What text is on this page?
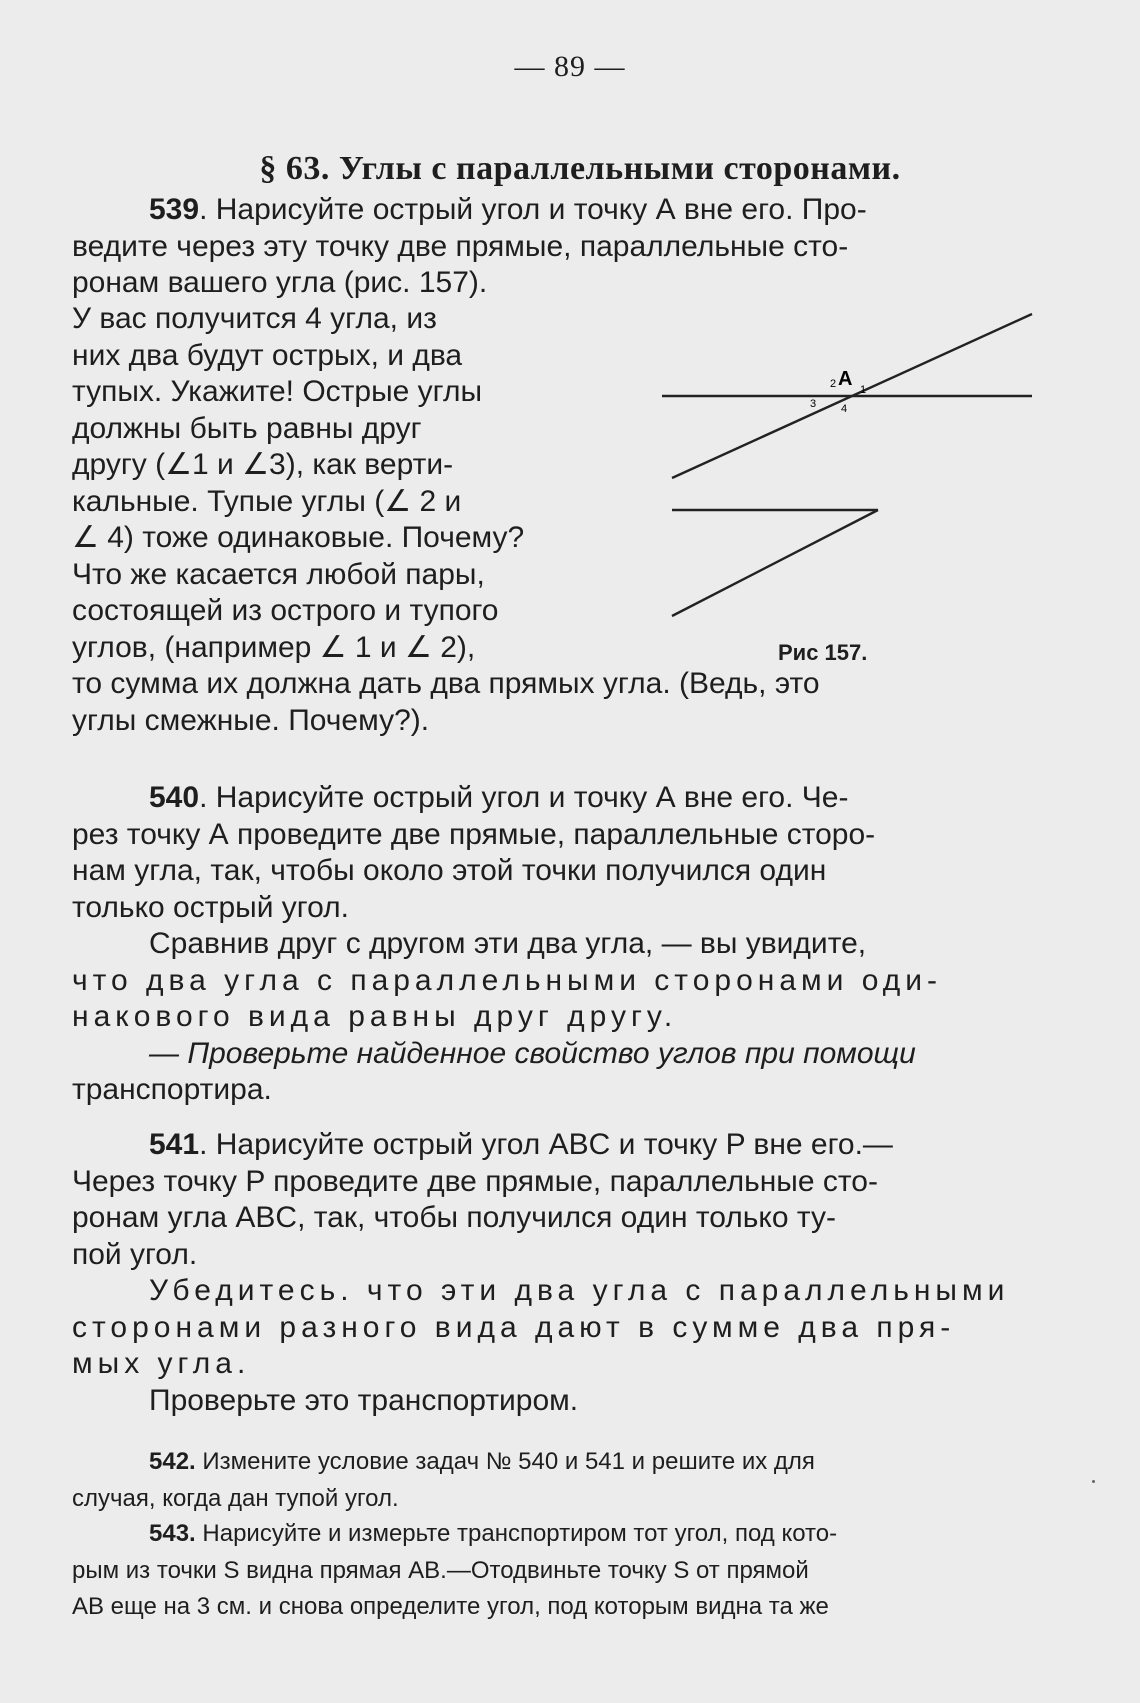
— 89 —
§ 63. Углы с параллельными сторонами.
539. Нарисуйте острый угол и точку А вне его. Про-
ведите через эту точку две прямые, параллельные сто-
ронам вашего угла (рис. 157).
У вас получится 4 угла, из
них два будут острых, и два
тупых. Укажите! Острые углы
должны быть равны друг
другу (∠1 и ∠3), как верти-
кальные. Тупые углы (∠ 2 и
∠ 4) тоже одинаковые. Почему?
Что же касается любой пары,
состоящей из острого и тупого
углов, (например ∠ 1 и ∠ 2),
A 1
2
3 4
Рис 157.
то сумма их должна дать два прямых угла. (Ведь, это
углы смежные. Почему?).
540. Нарисуйте острый угол и точку А вне его. Че-
рез точку А проведите две прямые, параллельные сторо-
нам угла, так, чтобы около этой точки получился один
только острый угол.
Сравнив друг с другом эти два угла, — вы увидите,
что два угла с параллельными сторонами оди-
накового вида равны друг другу.
— Проверьте найденное свойство углов при помощи
транспортира.
541. Нарисуйте острый угол ABC и точку P вне его.—
Через точку P проведите две прямые, параллельные сто-
ронам угла ABC, так, чтобы получился один только ту-
пой угол.
Убедитесь. что эти два угла с параллельными
сторонами разного вида дают в сумме два пря-
мых угла.
Проверьте это транспортиром.
542. Измените условие задач № 540 и 541 и решите их для
случая, когда дан тупой угол.
543. Нарисуйте и измерьте транспортиром тот угол, под кото-
рым из точки S видна прямая AB.—Отодвиньте точку S от прямой
AB еще на 3 см. и снова определите угол, под которым видна та же
